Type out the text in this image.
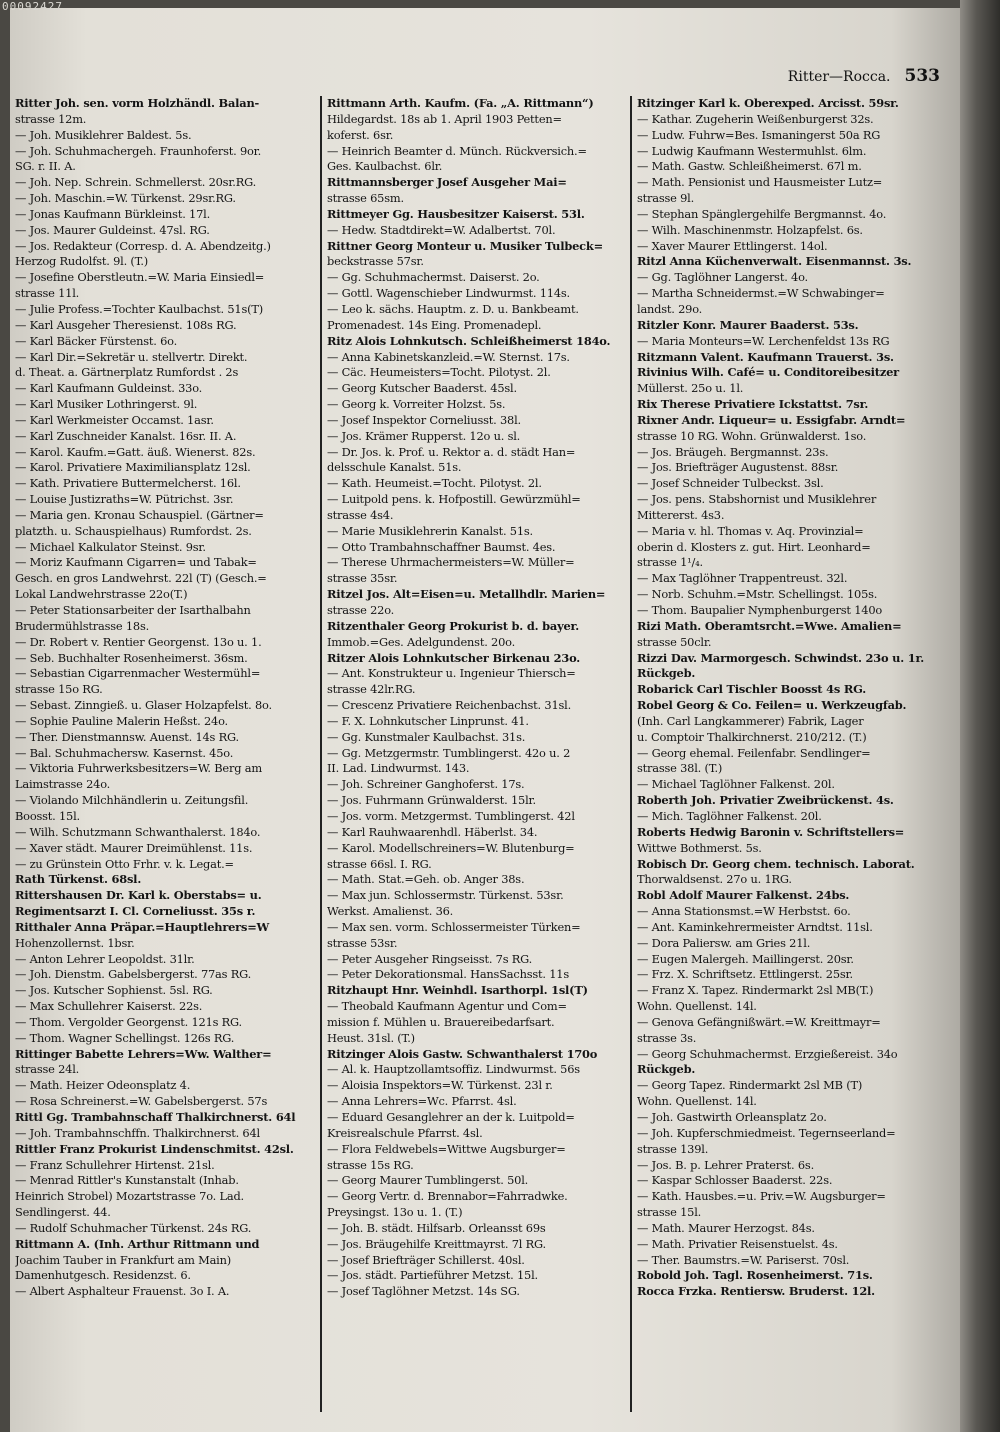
00092427
Ritter—Rocca. 533

Ritter Joh. sen. vorm Holzhändl. Balan-

strasse 12m.

— Joh. Musiklehrer Baldest. 5s.

— Joh. Schuhmachergeh. Fraunhoferst. 9or.

SG. r. II. A.

— Joh. Nep. Schrein. Schmellerst. 20sr.RG.

— Joh. Maschin.=W. Türkenst. 29sr.RG.

— Jonas Kaufmann Bürkleinst. 17l.

— Jos. Maurer Guldeinst. 47sl. RG.

— Jos. Redakteur (Corresp. d. A. Abendzeitg.)

Herzog Rudolfst. 9l. (T.)

— Josefine Oberstleutn.=W. Maria Einsiedl=

strasse 11l.

— Julie Profess.=Tochter Kaulbachst. 51s(T)

— Karl Ausgeher Theresienst. 108s RG.

— Karl Bäcker Fürstenst. 6o.

— Karl Dir.=Sekretär u. stellvertr. Direkt.

d. Theat. a. Gärtnerplatz Rumfordst . 2s

— Karl Kaufmann Guldeinst. 33o.

— Karl Musiker Lothringerst. 9l.

— Karl Werkmeister Occamst. 1asr.

— Karl Zuschneider Kanalst. 16sr. II. A.

— Karol. Kaufm.=Gatt. äuß. Wienerst. 82s.

— Karol. Privatiere Maximiliansplatz 12sl.

— Kath. Privatiere Buttermelcherst. 16l.

— Louise Justizraths=W. Pütrichst. 3sr.

— Maria gen. Kronau Schauspiel. (Gärtner=

platzth. u. Schauspielhaus) Rumfordst. 2s.

— Michael Kalkulator Steinst. 9sr.

— Moriz Kaufmann Cigarren= und Tabak=

Gesch. en gros Landwehrst. 22l (T) (Gesch.=

Lokal Landwehrstrasse 22o(T.)

— Peter Stationsarbeiter der Isarthalbahn

Brudermühlstrasse 18s.

— Dr. Robert v. Rentier Georgenst. 13o u. 1.

— Seb. Buchhalter Rosenheimerst. 36sm.

— Sebastian Cigarrenmacher Westermühl=

strasse 15o RG.

— Sebast. Zinngieß. u. Glaser Holzapfelst. 8o.

— Sophie Pauline Malerin Heßst. 24o.

— Ther. Dienstmannsw. Auenst. 14s RG.

— Bal. Schuhmachersw. Kasernst. 45o.

— Viktoria Fuhrwerksbesitzers=W. Berg am

Laimstrasse 24o.

— Violando Milchhändlerin u. Zeitungsfil.

Boosst. 15l.

— Wilh. Schutzmann Schwanthalerst. 184o.

— Xaver städt. Maurer Dreimühlenst. 11s.

— zu Grünstein Otto Frhr. v. k. Legat.=

Rath Türkenst. 68sl.

Rittershausen Dr. Karl k. Oberstabs= u.

Regimentsarzt I. Cl. Corneliusst. 35s r.

Ritthaler Anna Präpar.=Hauptlehrers=W

Hohenzollernst. 1bsr.

— Anton Lehrer Leopoldst. 31lr.

— Joh. Dienstm. Gabelsbergerst. 77as RG.

— Jos. Kutscher Sophienst. 5sl. RG.

— Max Schullehrer Kaiserst. 22s.

— Thom. Vergolder Georgenst. 121s RG.

— Thom. Wagner Schellingst. 126s RG.

Rittinger Babette Lehrers=Ww. Walther=

strasse 24l.

— Math. Heizer Odeonsplatz 4.

— Rosa Schreinerst.=W. Gabelsbergerst. 57s

Rittl Gg. Trambahnschaff Thalkirchnerst. 64l

— Joh. Trambahnschffn. Thalkirchnerst. 64l

Rittler Franz Prokurist Lindenschmitst. 42sl.

— Franz Schullehrer Hirtenst. 21sl.

— Menrad Rittler's Kunstanstalt (Inhab.

Heinrich Strobel) Mozartstrasse 7o. Lad.

Sendlingerst. 44.

— Rudolf Schuhmacher Türkenst. 24s RG.

Rittmann A. (Inh. Arthur Rittmann und

Joachim Tauber in Frankfurt am Main)

Damenhutgesch. Residenzst. 6.

— Albert Asphalteur Frauenst. 3o I. A.

Rittmann Arth. Kaufm. (Fa. „A. Rittmann“)

Hildegardst. 18s ab 1. April 1903 Petten=

koferst. 6sr.

— Heinrich Beamter d. Münch. Rückversich.=

Ges. Kaulbachst. 6lr.

Rittmannsberger Josef Ausgeher Mai=

strasse 65sm.

Rittmeyer Gg. Hausbesitzer Kaiserst. 53l.

— Hedw. Stadtdirekt=W. Adalbertst. 70l.

Rittner Georg Monteur u. Musiker Tulbeck=

beckstrasse 57sr.

— Gg. Schuhmachermst. Daiserst. 2o.

— Gottl. Wagenschieber Lindwurmst. 114s.

— Leo k. sächs. Hauptm. z. D. u. Bankbeamt.

Promenadest. 14s Eing. Promenadepl.

Ritz Alois Lohnkutsch. Schleißheimerst 184o.

— Anna Kabinetskanzleid.=W. Sternst. 17s.

— Cäc. Heumeisters=Tocht. Pilotyst. 2l.

— Georg Kutscher Baaderst. 45sl.

— Georg k. Vorreiter Holzst. 5s.

— Josef Inspektor Corneliusst. 38l.

— Jos. Krämer Rupperst. 12o u. sl.

— Dr. Jos. k. Prof. u. Rektor a. d. städt Han=

delsschule Kanalst. 51s.

— Kath. Heumeist.=Tocht. Pilotyst. 2l.

— Luitpold pens. k. Hofpostill. Gewürzmühl=

strasse 4s4.

— Marie Musiklehrerin Kanalst. 51s.

— Otto Trambahnschaffner Baumst. 4es.

— Therese Uhrmachermeisters=W. Müller=

strasse 35sr.

Ritzel Jos. Alt=Eisen=u. Metallhdlr. Marien=

strasse 22o.

Ritzenthaler Georg Prokurist b. d. bayer.

Immob.=Ges. Adelgundenst. 20o.

Ritzer Alois Lohnkutscher Birkenau 23o.

— Ant. Konstrukteur u. Ingenieur Thiersch=

strasse 42lr.RG.

— Crescenz Privatiere Reichenbachst. 31sl.

— F. X. Lohnkutscher Linprunst. 41.

— Gg. Kunstmaler Kaulbachst. 31s.

— Gg. Metzgermstr. Tumblingerst. 42o u. 2

II. Lad. Lindwurmst. 143.

— Joh. Schreiner Ganghoferst. 17s.

— Jos. Fuhrmann Grünwalderst. 15lr.

— Jos. vorm. Metzgermst. Tumblingerst. 42l

— Karl Rauhwaarenhdl. Häberlst. 34.

— Karol. Modellschreiners=W. Blutenburg=

strasse 66sl. I. RG.

— Math. Stat.=Geh. ob. Anger 38s.

— Max jun. Schlossermstr. Türkenst. 53sr.

Werkst. Amalienst. 36.

— Max sen. vorm. Schlossermeister Türken=

strasse 53sr.

— Peter Ausgeher Ringseisst. 7s RG.

— Peter Dekorationsmal. HansSachsst. 11s

Ritzhaupt Hnr. Weinhdl. Isarthorpl. 1sl(T)

— Theobald Kaufmann Agentur und Com=

mission f. Mühlen u. Brauereibedarfsart.

Heust. 31sl. (T.)

Ritzinger Alois Gastw. Schwanthalerst 170o

— Al. k. Hauptzollamtsoffiz. Lindwurmst. 56s

— Aloisia Inspektors=W. Türkenst. 23l r.

— Anna Lehrers=Wc. Pfarrst. 4sl.

— Eduard Gesanglehrer an der k. Luitpold=

Kreisrealschule Pfarrst. 4sl.

— Flora Feldwebels=Wittwe Augsburger=

strasse 15s RG.

— Georg Maurer Tumblingerst. 50l.

— Georg Vertr. d. Brennabor=Fahrradwke.

Preysingst. 13o u. 1. (T.)

— Joh. B. städt. Hilfsarb. Orleansst 69s

— Jos. Bräugehilfe Kreittmayrst. 7l RG.

— Josef Briefträger Schillerst. 40sl.

— Jos. städt. Partieführer Metzst. 15l.

— Josef Taglöhner Metzst. 14s SG.

Ritzinger Karl k. Oberexped. Arcisst. 59sr.

— Kathar. Zugeherin Weißenburgerst 32s.

— Ludw. Fuhrw=Bes. Ismaningerst 50a RG

— Ludwig Kaufmann Westermuhlst. 6lm.

— Math. Gastw. Schleißheimerst. 67l m.

— Math. Pensionist und Hausmeister Lutz=

strasse 9l.

— Stephan Spänglergehilfe Bergmannst. 4o.

— Wilh. Maschinenmstr. Holzapfelst. 6s.

— Xaver Maurer Ettlingerst. 14ol.

Ritzl Anna Küchenverwalt. Eisenmannst. 3s.

— Gg. Taglöhner Langerst. 4o.

— Martha Schneidermst.=W Schwabinger=

landst. 29o.

Ritzler Konr. Maurer Baaderst. 53s.

— Maria Monteurs=W. Lerchenfeldst 13s RG

Ritzmann Valent. Kaufmann Trauerst. 3s.

Rivinius Wilh. Café= u. Conditoreibesitzer

Müllerst. 25o u. 1l.

Rix Therese Privatiere Ickstattst. 7sr.

Rixner Andr. Liqueur= u. Essigfabr. Arndt=

strasse 10 RG. Wohn. Grünwalderst. 1so.

— Jos. Bräugeh. Bergmannst. 23s.

— Jos. Briefträger Augustenst. 88sr.

— Josef Schneider Tulbeckst. 3sl.

— Jos. pens. Stabshornist und Musiklehrer

Mittererst. 4s3.

— Maria v. hl. Thomas v. Aq. Provinzial=

oberin d. Klosters z. gut. Hirt. Leonhard=

strasse 1¹/₄.

— Max Taglöhner Trappentreust. 32l.

— Norb. Schuhm.=Mstr. Schellingst. 105s.

— Thom. Baupalier Nymphenburgerst 140o

Rizi Math. Oberamtsrcht.=Wwe. Amalien=

strasse 50clr.

Rizzi Dav. Marmorgesch. Schwindst. 23o u. 1r.

Rückgeb.

Robarick Carl Tischler Boosst 4s RG.

Robel Georg & Co. Feilen= u. Werkzeugfab.

(Inh. Carl Langkammerer) Fabrik, Lager

u. Comptoir Thalkirchnerst. 210/212. (T.)

— Georg ehemal. Feilenfabr. Sendlinger=

strasse 38l. (T.)

— Michael Taglöhner Falkenst. 20l.

Roberth Joh. Privatier Zweibrückenst. 4s.

— Mich. Taglöhner Falkenst. 20l.

Roberts Hedwig Baronin v. Schriftstellers=

Wittwe Bothmerst. 5s.

Robisch Dr. Georg chem. technisch. Laborat.

Thorwaldsenst. 27o u. 1RG.

Robl Adolf Maurer Falkenst. 24bs.

— Anna Stationsmst.=W Herbstst. 6o.

— Ant. Kaminkehrermeister Arndtst. 11sl.

— Dora Paliersw. am Gries 21l.

— Eugen Malergeh. Maillingerst. 20sr.

— Frz. X. Schriftsetz. Ettlingerst. 25sr.

— Franz X. Tapez. Rindermarkt 2sl MB(T.)

Wohn. Quellenst. 14l.

— Genova Gefängnißwärt.=W. Kreittmayr=

strasse 3s.

— Georg Schuhmachermst. Erzgießereist. 34o

Rückgeb.

— Georg Tapez. Rindermarkt 2sl MB (T)

Wohn. Quellenst. 14l.

— Joh. Gastwirth Orleansplatz 2o.

— Joh. Kupferschmiedmeist. Tegernseerland=

strasse 139l.

— Jos. B. p. Lehrer Praterst. 6s.

— Kaspar Schlosser Baaderst. 22s.

— Kath. Hausbes.=u. Priv.=W. Augsburger=

strasse 15l.

— Math. Maurer Herzogst. 84s.

— Math. Privatier Reisenstuelst. 4s.

— Ther. Baumstrs.=W. Pariserst. 70sl.

Robold Joh. Tagl. Rosenheimerst. 71s.

Rocca Frzka. Rentiersw. Bruderst. 12l.
